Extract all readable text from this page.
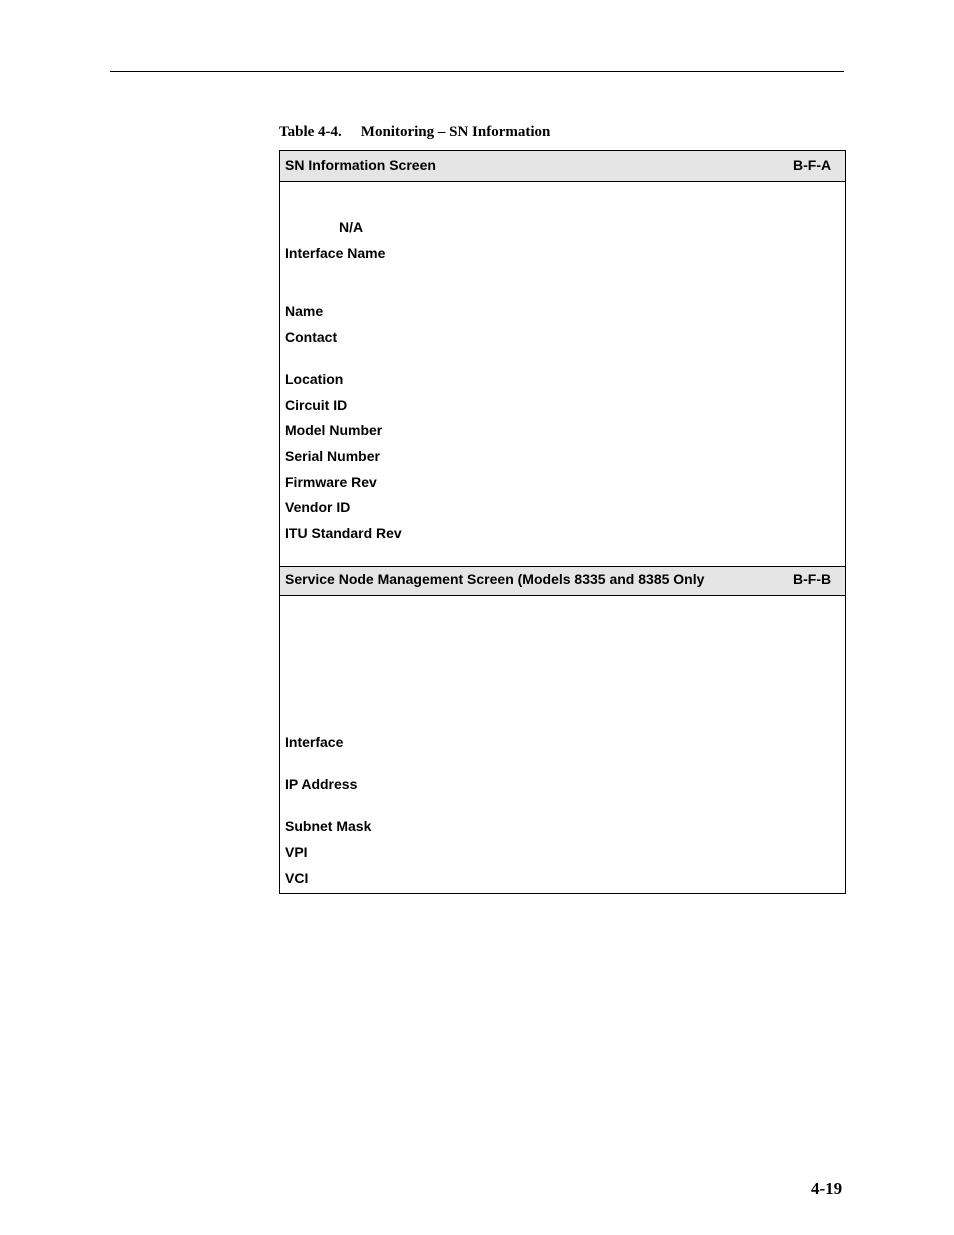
Table 4-4. Monitoring – SN Information
SN Information Screen	B-F-A
N/A
Interface Name
Name
Contact
Location
Circuit ID
Model Number
Serial Number
Firmware Rev
Vendor ID
ITU Standard Rev
Service Node Management Screen (Models 8335 and 8385 Only	B-F-B
Interface
IP Address
Subnet Mask
VPI
VCI
4-19
